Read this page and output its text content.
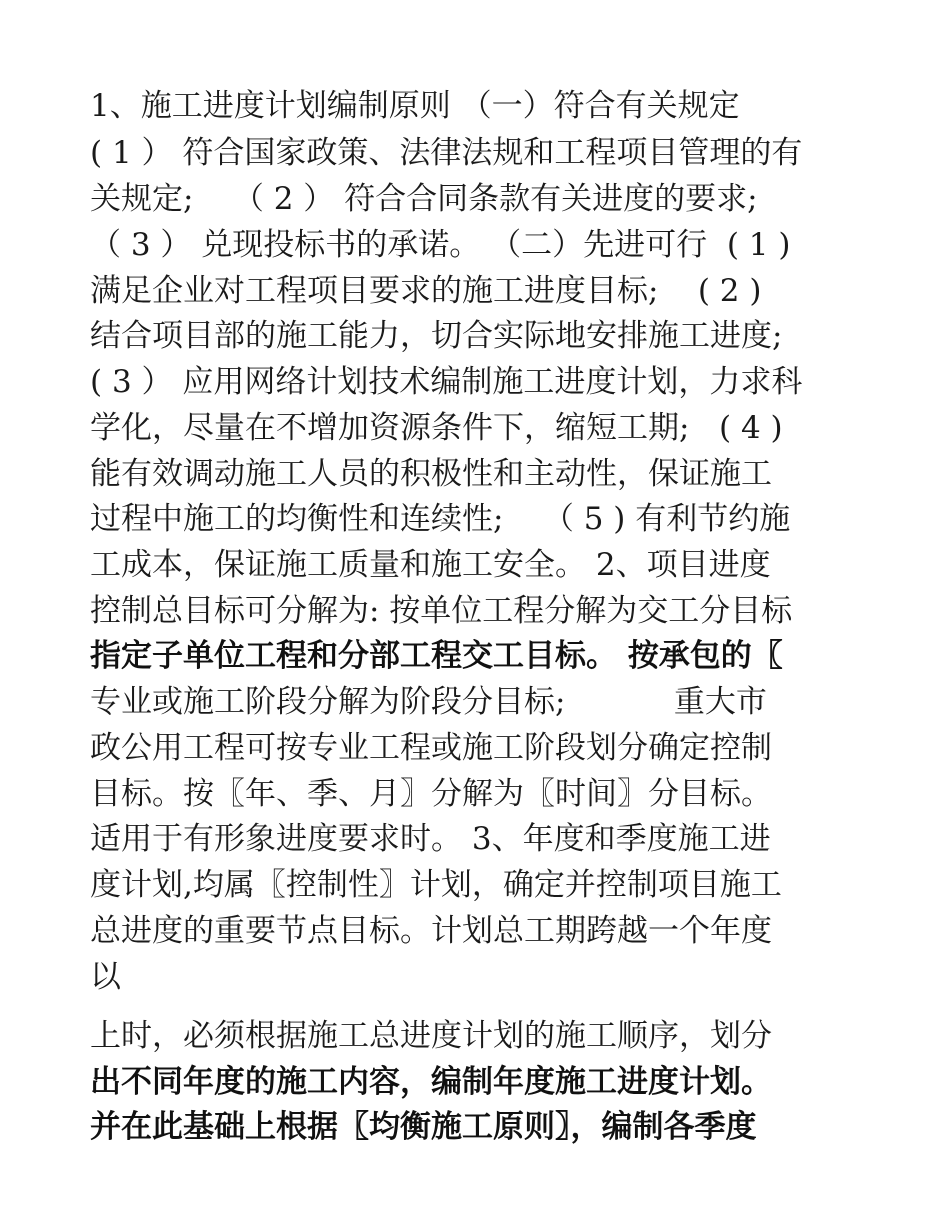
1、施工进度计划编制原则 （一）符合有关规定
( 1 ） 符合国家政策、法律法规和工程项目管理的有
关规定;    （ 2 ） 符合合同条款有关进度的要求;
（ 3 ） 兑现投标书的承诺。 （二）先进可行  ( 1 )
满足企业对工程项目要求的施工进度目标;    ( 2 )
结合项目部的施工能力，切合实际地安排施工进度;
( 3 ） 应用网络计划技术编制施工进度计划，力求科
学化，尽量在不增加资源条件下，缩短工期;   ( 4 )
能有效调动施工人员的积极性和主动性，保证施工
过程中施工的均衡性和连续性;    （ 5 ) 有利节约施
工成本，保证施工质量和施工安全。 2、项目进度
控制总目标可分解为: 按单位工程分解为交工分目标
指定子单位工程和分部工程交工目标。 按承包的〖
专业或施工阶段分解为阶段分目标;           重大市
政公用工程可按专业工程或施工阶段划分确定控制
目标。按〖年、季、月〗分解为〖时间〗分目标。
适用于有形象进度要求时。 3、年度和季度施工进
度计划,均属〖控制性〗计划，确定并控制项目施工
总进度的重要节点目标。计划总工期跨越一个年度
以
上时，必须根据施工总进度计划的施工顺序，划分
出不同年度的施工内容，编制年度施工进度计划。
并在此基础上根据〖均衡施工原则〗，编制各季度
